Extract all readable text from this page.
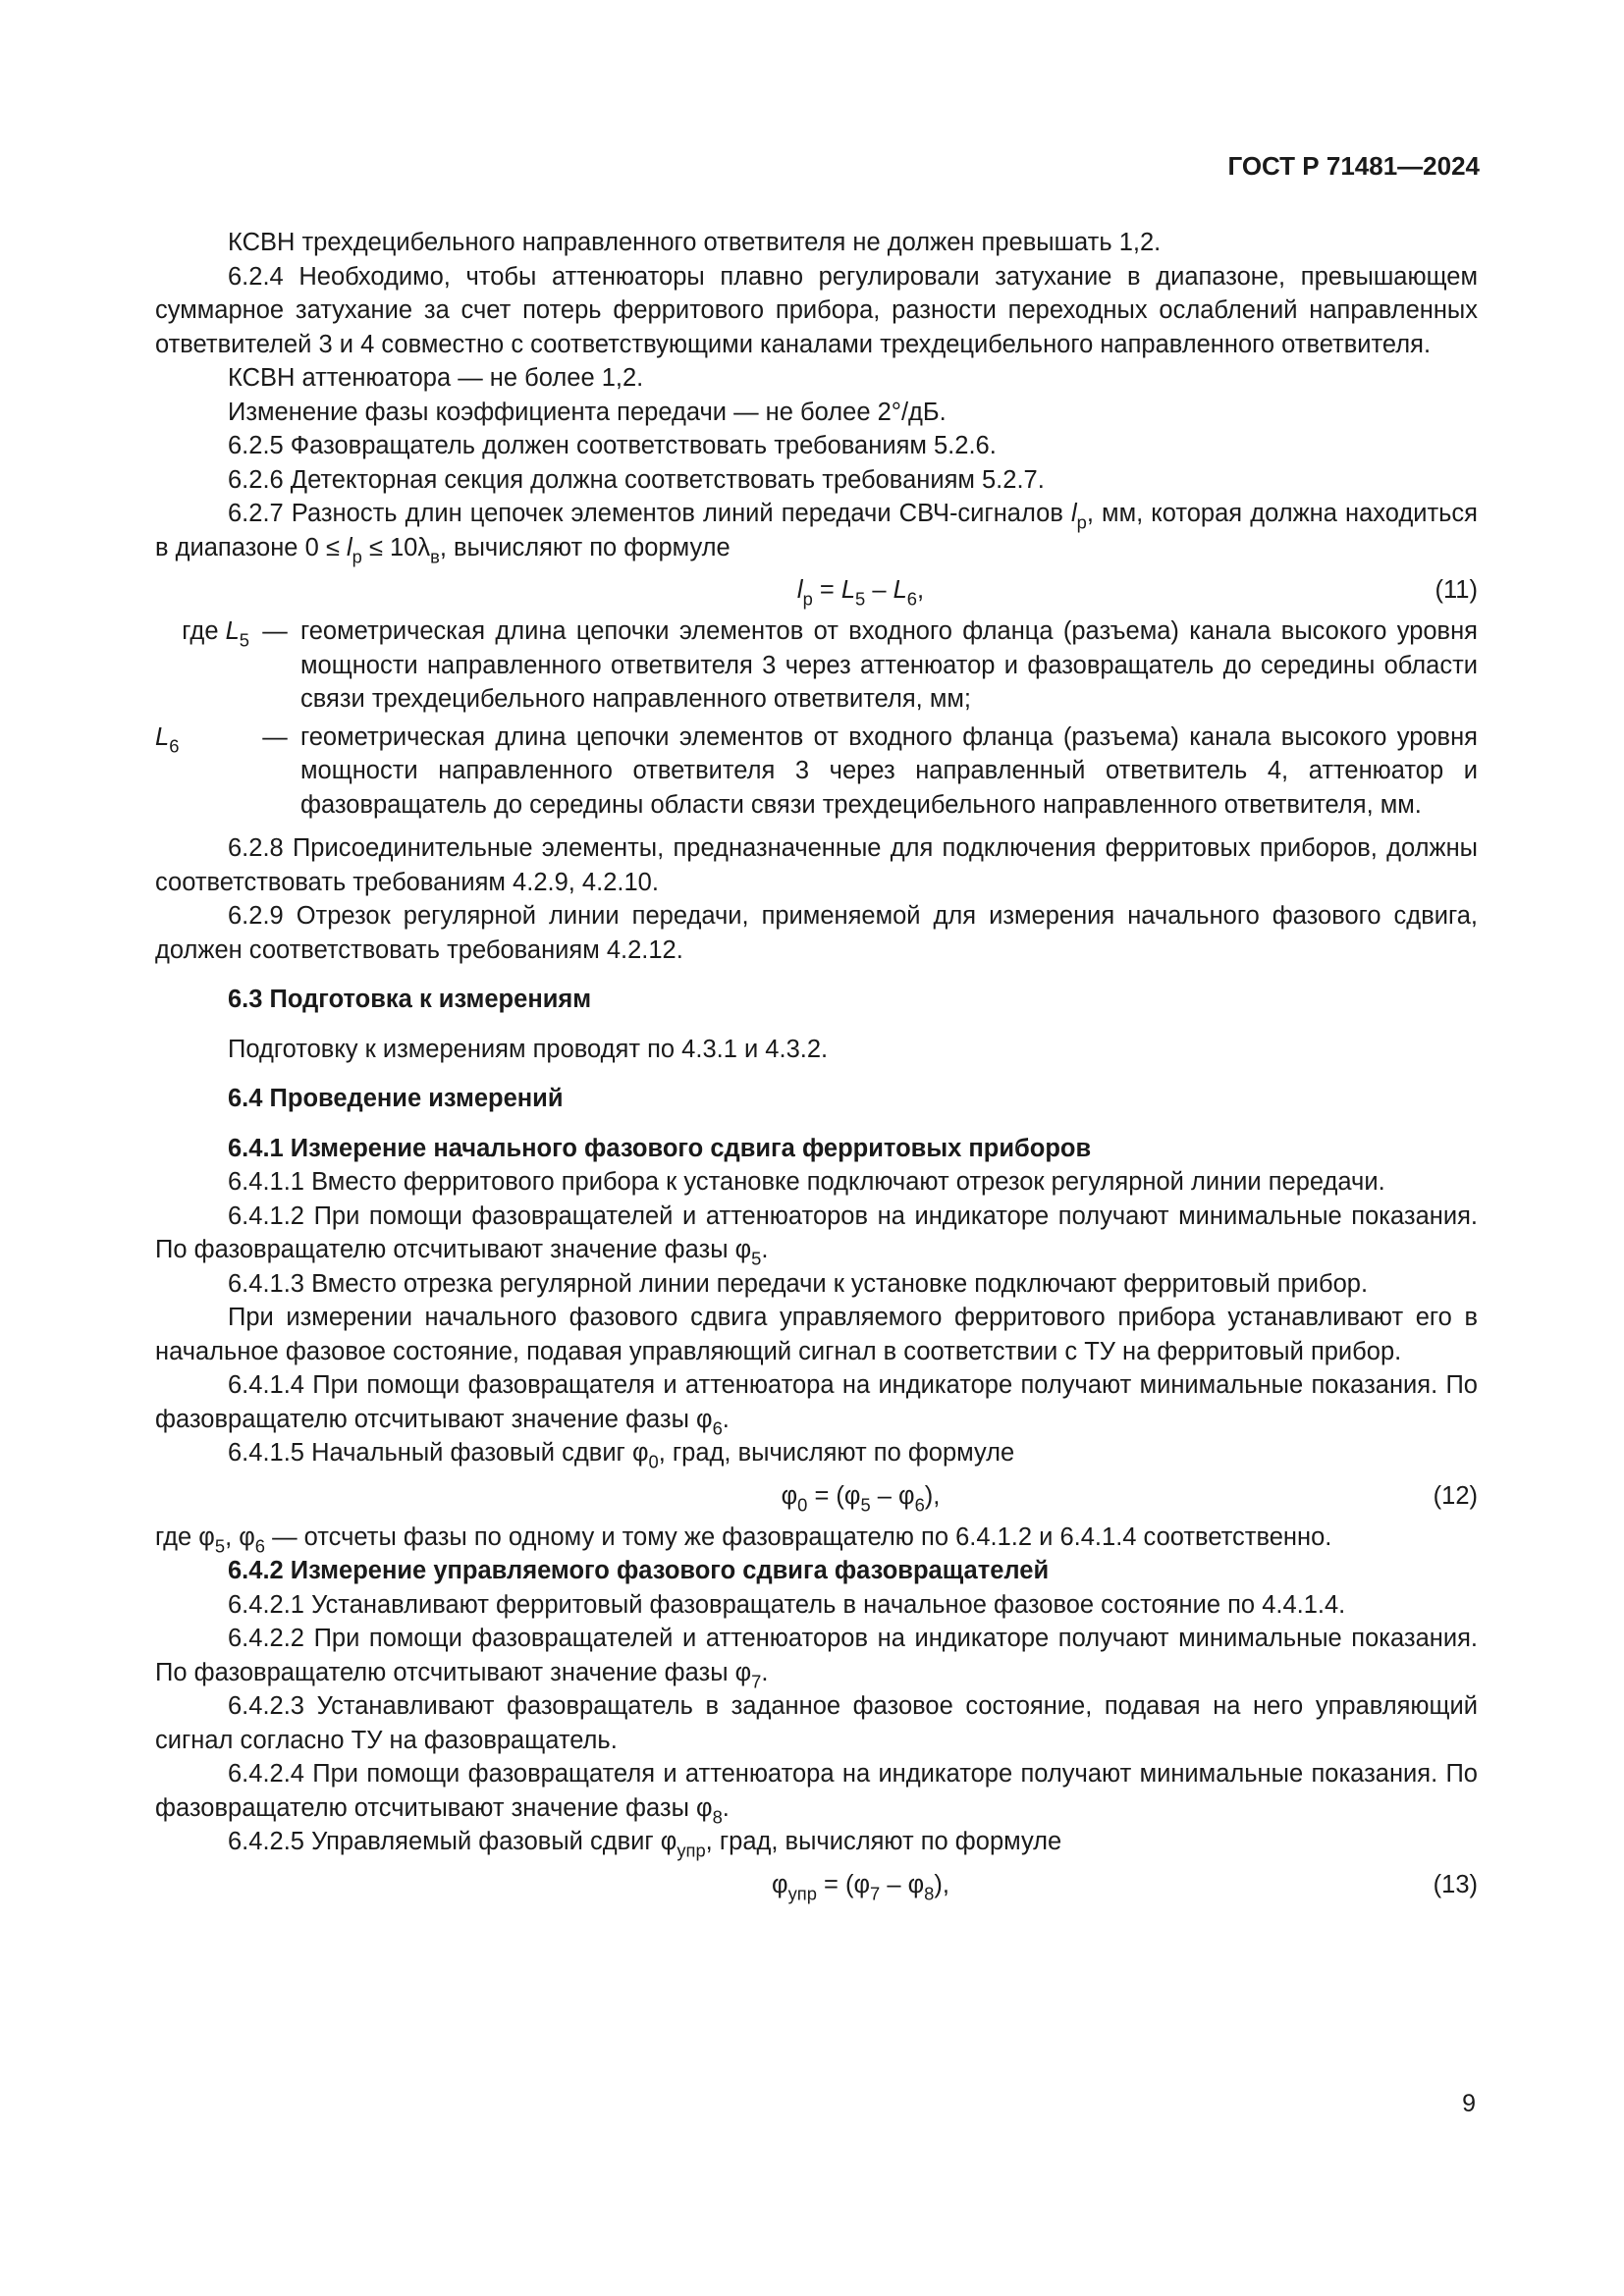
ГОСТ Р 71481—2024

КСВН трехдецибельного направленного ответвителя не должен превышать 1,2.

6.2.4 Необходимо, чтобы аттенюаторы плавно регулировали затухание в диапазоне, превышающем суммарное затухание за счет потерь ферритового прибора, разности переходных ослаблений направленных ответвителей 3 и 4 совместно с соответствующими каналами трехдецибельного направленного ответвителя.

КСВН аттенюатора — не более 1,2.

Изменение фазы коэффициента передачи — не более 2°/дБ.

6.2.5 Фазовращатель должен соответствовать требованиям 5.2.6.

6.2.6 Детекторная секция должна соответствовать требованиям 5.2.7.

6.2.7 Разность длин цепочек элементов линий передачи СВЧ-сигналов $l_р$, мм, которая должна находиться в диапазоне $0 \le l_р \le 10\lambda_в$, вычисляют по формуле

$l_р = L_5 - L_6$,	(11)
где $L_5$ — геометрическая длина цепочки элементов от входного фланца (разъема) канала высокого уровня мощности направленного ответвителя 3 через аттенюатор и фазовращатель до середины области связи трехдецибельного направленного ответвителя, мм;
$L_6$	— геометрическая длина цепочки элементов от входного фланца (разъема) канала высокого уровня мощности направленного ответвителя 3 через направленный ответвитель 4, аттенюатор и фазовращатель до середины области связи трехдецибельного направленного ответвителя, мм.

6.2.8 Присоединительные элементы, предназначенные для подключения ферритовых приборов, должны соответствовать требованиям 4.2.9, 4.2.10.

6.2.9 Отрезок регулярной линии передачи, применяемой для измерения начального фазового сдвига, должен соответствовать требованиям 4.2.12.

6.3 Подготовка к измерениям

Подготовку к измерениям проводят по 4.3.1 и 4.3.2.

6.4 Проведение измерений

6.4.1 Измерение начального фазового сдвига ферритовых приборов

6.4.1.1 Вместо ферритового прибора к установке подключают отрезок регулярной линии передачи.

6.4.1.2 При помощи фазовращателей и аттенюаторов на индикаторе получают минимальные показания. По фазовращателю отсчитывают значение фазы $\varphi_5$.

6.4.1.3 Вместо отрезка регулярной линии передачи к установке подключают ферритовый прибор.

При измерении начального фазового сдвига управляемого ферритового прибора устанавливают его в начальное фазовое состояние, подавая управляющий сигнал в соответствии с ТУ на ферритовый прибор.

6.4.1.4 При помощи фазовращателя и аттенюатора на индикаторе получают минимальные показания. По фазовращателю отсчитывают значение фазы $\varphi_6$.

6.4.1.5 Начальный фазовый сдвиг $\varphi_0$, град, вычисляют по формуле

$\varphi_0 = (\varphi_5 - \varphi_6)$,	(12)

где $\varphi_5$, $\varphi_6$ — отсчеты фазы по одному и тому же фазовращателю по 6.4.1.2 и 6.4.1.4 соответственно.

6.4.2 Измерение управляемого фазового сдвига фазовращателей

6.4.2.1 Устанавливают ферритовый фазовращатель в начальное фазовое состояние по 4.4.1.4.

6.4.2.2 При помощи фазовращателей и аттенюаторов на индикаторе получают минимальные показания. По фазовращателю отсчитывают значение фазы $\varphi_7$.

6.4.2.3 Устанавливают фазовращатель в заданное фазовое состояние, подавая на него управляющий сигнал согласно ТУ на фазовращатель.

6.4.2.4 При помощи фазовращателя и аттенюатора на индикаторе получают минимальные показания. По фазовращателю отсчитывают значение фазы $\varphi_8$.

6.4.2.5 Управляемый фазовый сдвиг $\varphi_{упр}$, град, вычисляют по формуле

$\varphi_{упр} = (\varphi_7 - \varphi_8)$,	(13)
9
